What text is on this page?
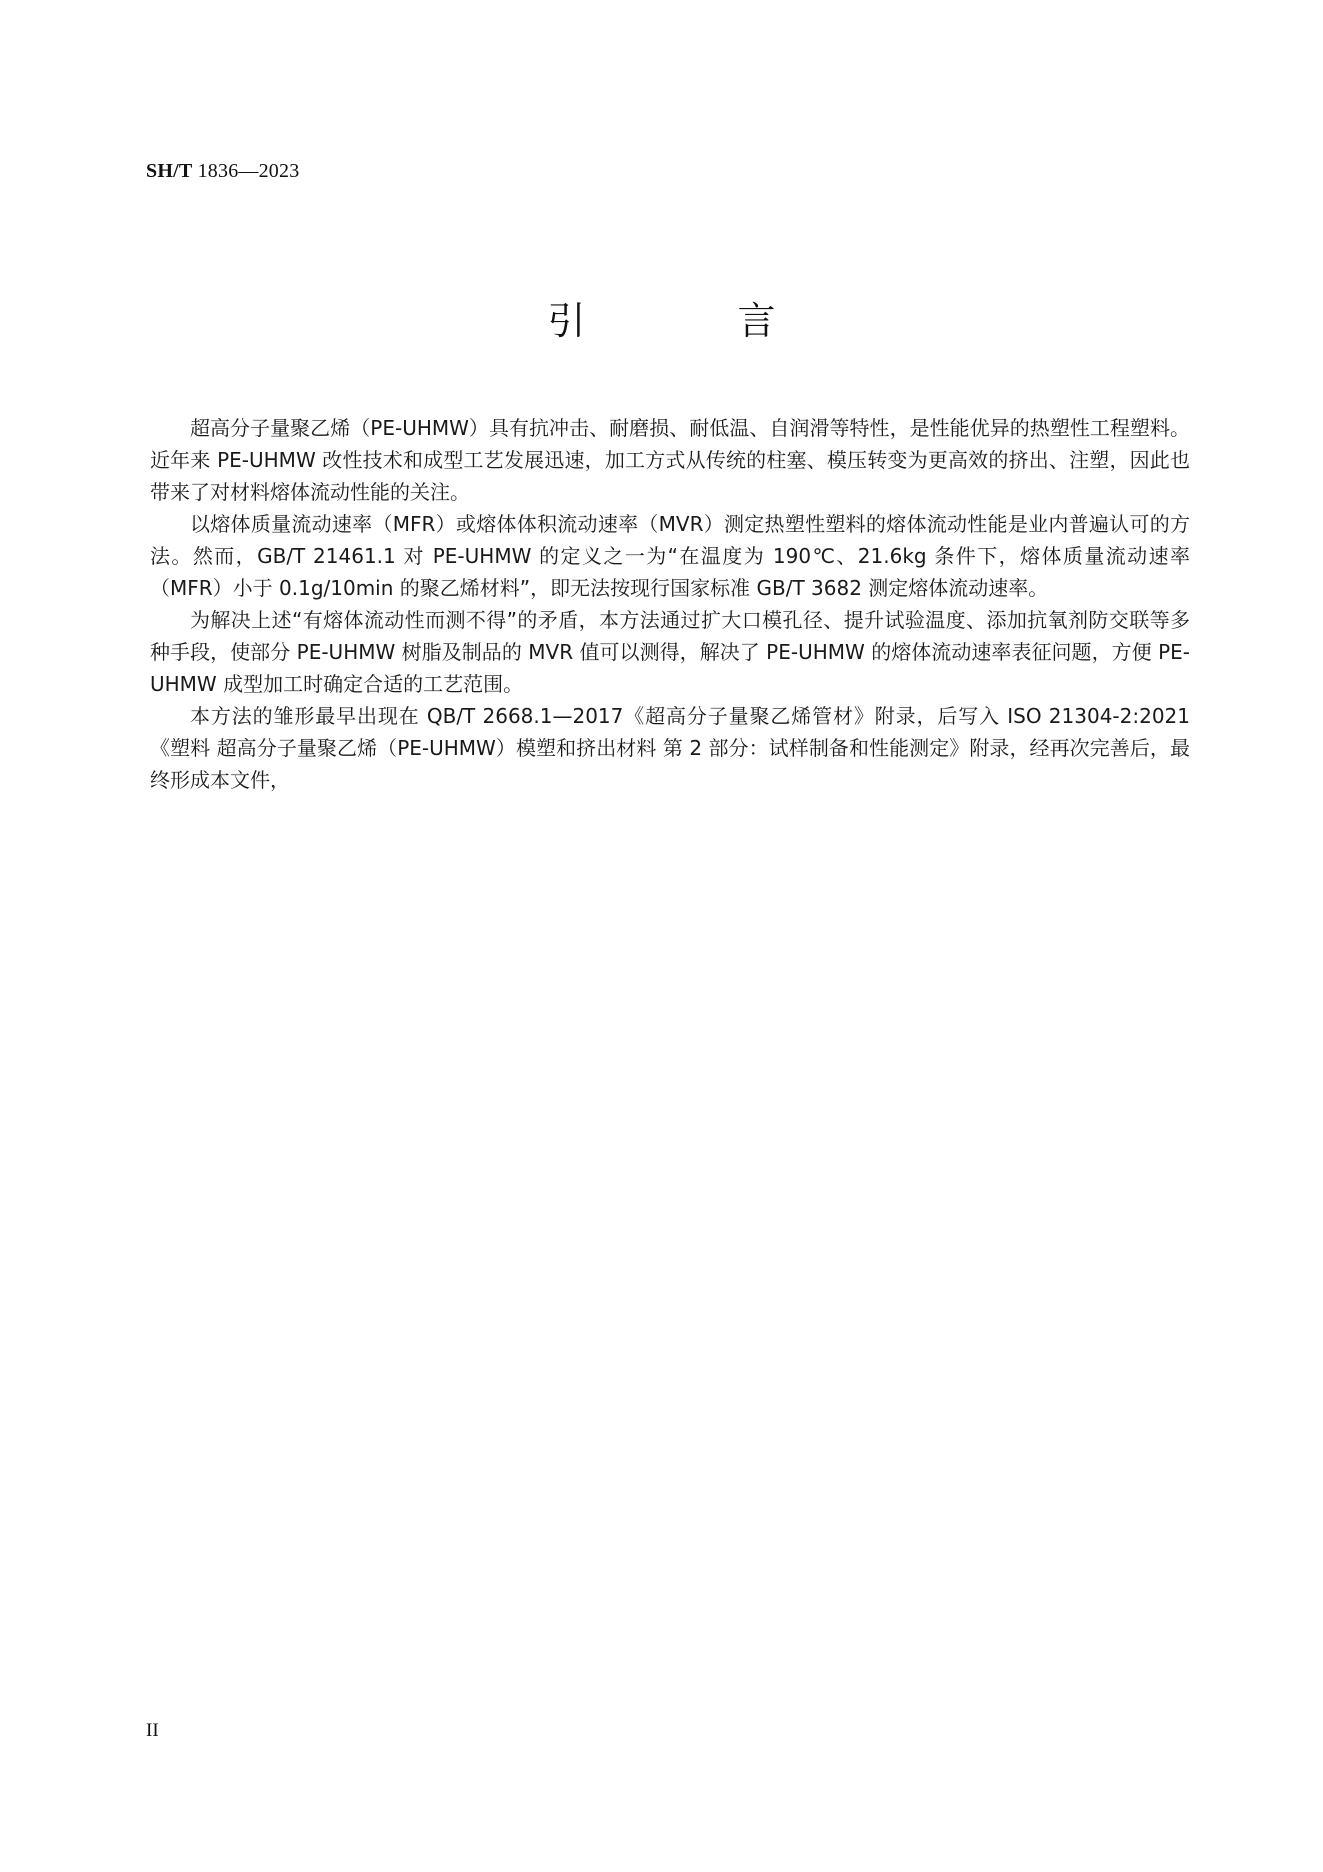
SH/T 1836—2023
引 言

超高分子量聚乙烯（PE-UHMW）具有抗冲击、耐磨损、耐低温、自润滑等特性，是性能优异的热塑性工程塑料。近年来 PE-UHMW 改性技术和成型工艺发展迅速，加工方式从传统的柱塞、模压转变为更高效的挤出、注塑，因此也带来了对材料熔体流动性能的关注。

以熔体质量流动速率（MFR）或熔体体积流动速率（MVR）测定热塑性塑料的熔体流动性能是业内普遍认可的方法。然而，GB/T 21461.1 对 PE-UHMW 的定义之一为“在温度为 190℃、21.6kg 条件下，熔体质量流动速率（MFR）小于 0.1g/10min 的聚乙烯材料”，即无法按现行国家标准 GB/T 3682 测定熔体流动速率。

为解决上述“有熔体流动性而测不得”的矛盾，本方法通过扩大口模孔径、提升试验温度、添加抗氧剂防交联等多种手段，使部分 PE-UHMW 树脂及制品的 MVR 值可以测得，解决了 PE-UHMW 的熔体流动速率表征问题，方便 PE-UHMW 成型加工时确定合适的工艺范围。

本方法的雏形最早出现在 QB/T 2668.1—2017《超高分子量聚乙烯管材》附录，后写入 ISO 21304-2:2021《塑料 超高分子量聚乙烯（PE-UHMW）模塑和挤出材料 第 2 部分：试样制备和性能测定》附录，经再次完善后，最终形成本文件，

II
